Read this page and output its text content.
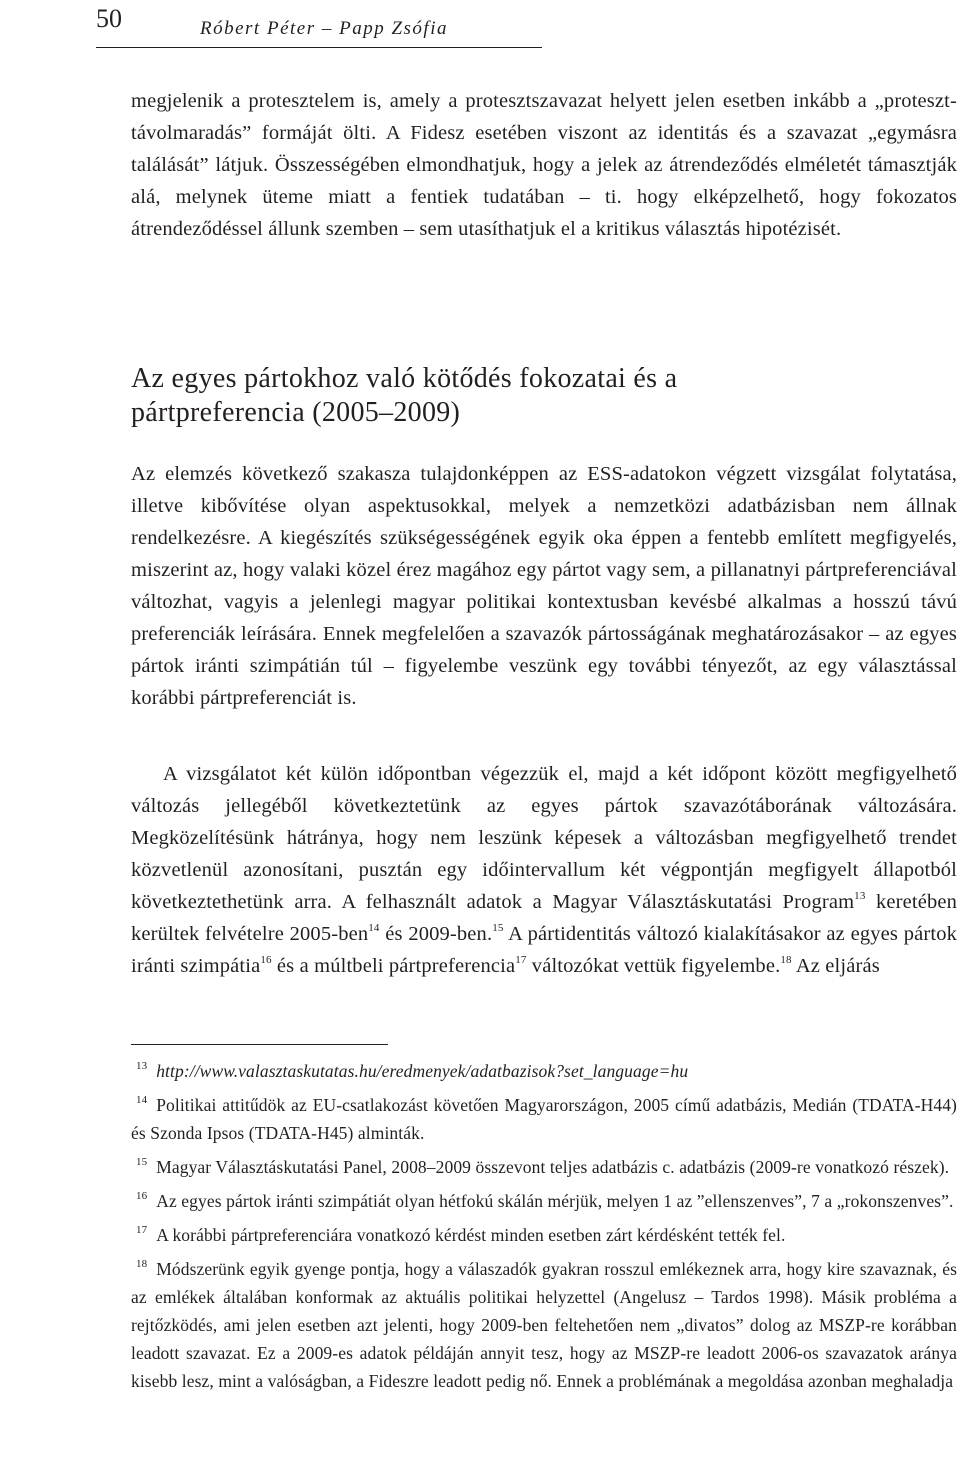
50	Róbert Péter – Papp Zsófia

megjelenik a protesztelem is, amely a protesztszavazat helyett jelen esetben inkább a „proteszt-távolmaradás” formáját ölti. A Fidesz esetében viszont az identitás és a szavazat „egymásra találását” látjuk. Összességében elmondhatjuk, hogy a jelek az átrendeződés elméletét támasztják alá, melynek üteme miatt a fentiek tudatában – ti. hogy elképzelhető, hogy fokozatos átrendeződéssel állunk szemben – sem utasíthatjuk el a kritikus választás hipotézisét.

Az egyes pártokhoz való kötődés fokozatai és a pártpreferencia (2005–2009)

Az elemzés következő szakasza tulajdonképpen az ESS-adatokon végzett vizsgálat folytatása, illetve kibővítése olyan aspektusokkal, melyek a nemzetközi adatbázisban nem állnak rendelkezésre. A kiegészítés szükségességének egyik oka éppen a fentebb említett megfigyelés, miszerint az, hogy valaki közel érez magához egy pártot vagy sem, a pillanatnyi pártpreferenciával változhat, vagyis a jelenlegi magyar politikai kontextusban kevésbé alkalmas a hosszú távú preferenciák leírására. Ennek megfelelően a szavazók pártosságának meghatározásakor – az egyes pártok iránti szimpátián túl – figyelembe veszünk egy további tényezőt, az egy választással korábbi pártpreferenciát is.

A vizsgálatot két külön időpontban végezzük el, majd a két időpont között megfigyelhető változás jellegéből következtetünk az egyes pártok szavazótáborának változására. Megközelítésünk hátránya, hogy nem leszünk képesek a változásban megfigyelhető trendet közvetlenül azonosítani, pusztán egy időintervallum két végpontján megfigyelt állapotból következtethetünk arra. A felhasznált adatok a Magyar Választáskutatási Program$^{13}$ keretében kerültek felvételre 2005-ben$^{14}$ és 2009-ben.$^{15}$ A pártidentitás változó kialakításakor az egyes pártok iránti szimpátia$^{16}$ és a múltbeli pártpreferencia$^{17}$ változókat vettük figyelembe.$^{18}$ Az eljárás

$^{13}$ http://www.valasztaskutatas.hu/eredmenyek/adatbazisok?set_language=hu

$^{14}$ Politikai attitűdök az EU-csatlakozást követően Magyarországon, 2005 című adatbázis, Medián (TDATA-H44) és Szonda Ipsos (TDATA-H45) alminták.

$^{15}$ Magyar Választáskutatási Panel, 2008–2009 összevont teljes adatbázis c. adatbázis (2009-re vonatkozó részek).

$^{16}$ Az egyes pártok iránti szimpátiát olyan hétfokú skálán mérjük, melyen 1 az ”ellenszenves”, 7 a „rokonszenves”.

$^{17}$ A korábbi pártpreferenciára vonatkozó kérdést minden esetben zárt kérdésként tették fel.

$^{18}$ Módszerünk egyik gyenge pontja, hogy a válaszadók gyakran rosszul emlékeznek arra, hogy kire szavaznak, és az emlékek általában konformak az aktuális politikai helyzettel (Angelusz – Tardos 1998). Másik probléma a rejtőzködés, ami jelen esetben azt jelenti, hogy 2009-ben feltehetően nem „divatos” dolog az MSZP-re korábban leadott szavazat. Ez a 2009-es adatok példáján annyit tesz, hogy az MSZP-re leadott 2006-os szavazatok aránya kisebb lesz, mint a valóságban, a Fideszre leadott pedig nő. Ennek a problémának a megoldása azonban meghaladja
